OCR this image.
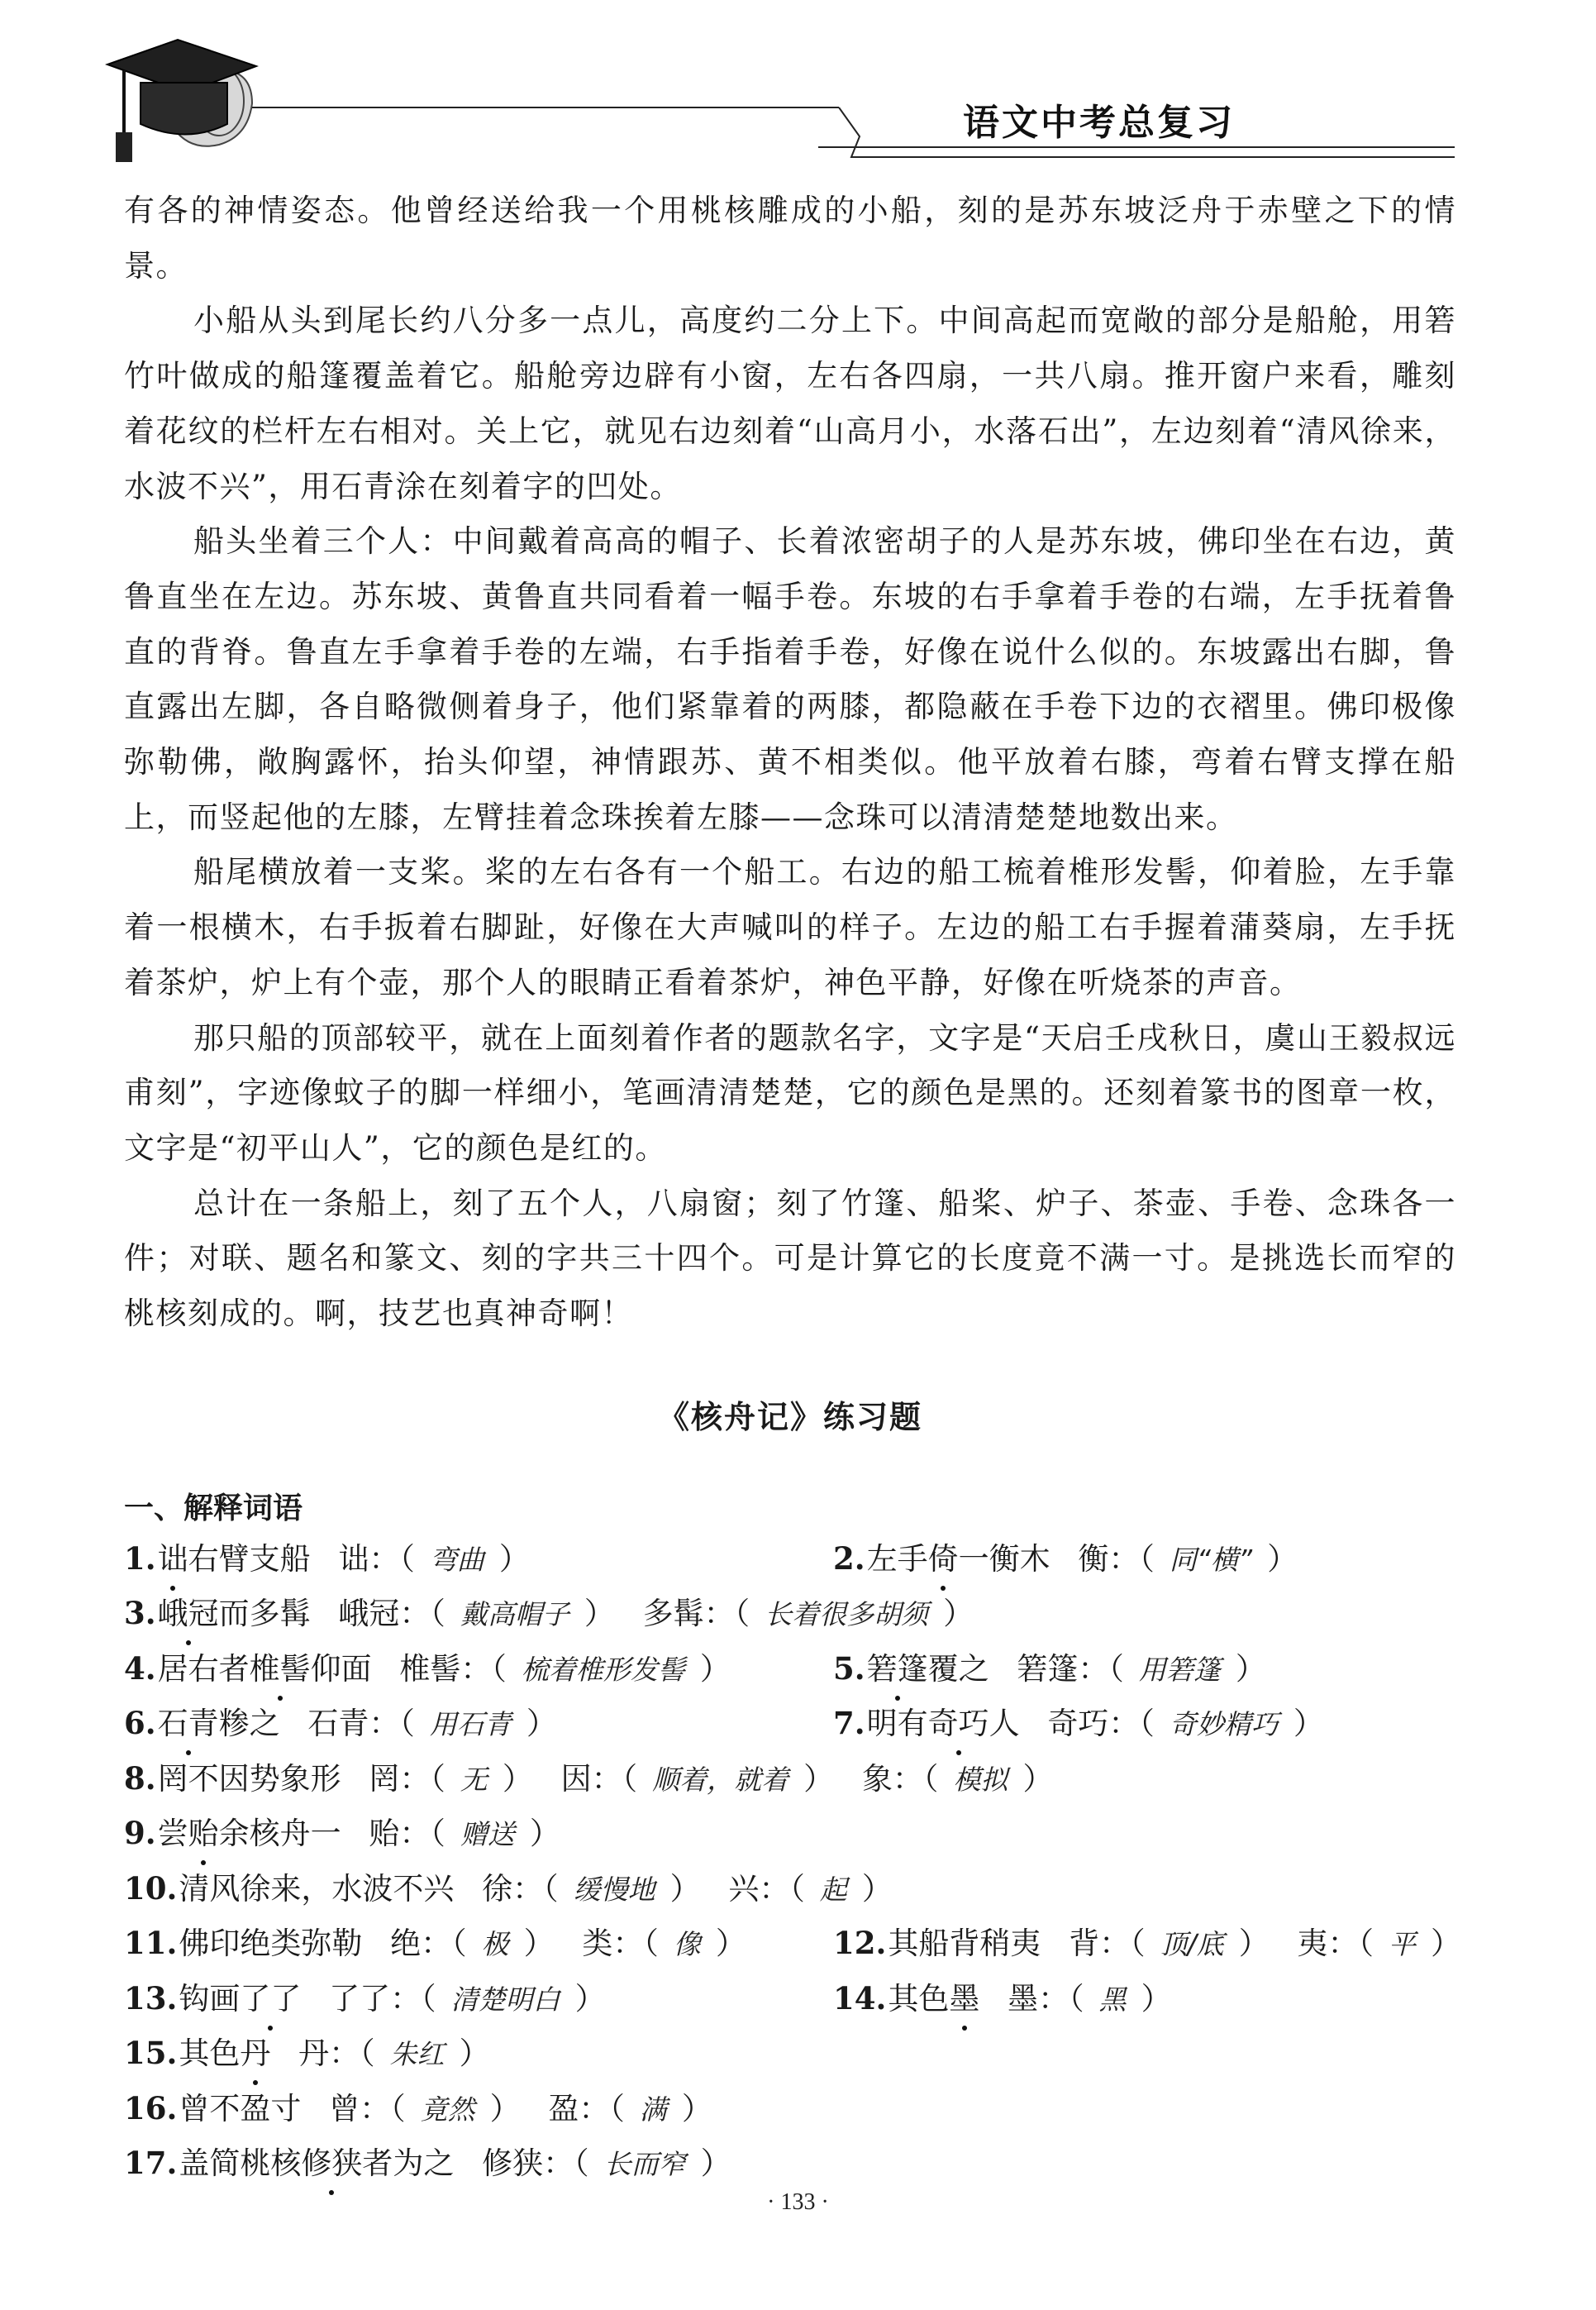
语文中考总复习

有各的神情姿态。他曾经送给我一个用桃核雕成的小船，刻的是苏东坡泛舟于赤壁之下的情景。

小船从头到尾长约八分多一点儿，高度约二分上下。中间高起而宽敞的部分是船舱，用箬竹叶做成的船篷覆盖着它。船舱旁边辟有小窗，左右各四扇，一共八扇。推开窗户来看，雕刻着花纹的栏杆左右相对。关上它，就见右边刻着“山高月小，水落石出”，左边刻着“清风徐来，水波不兴”，用石青涂在刻着字的凹处。

船头坐着三个人：中间戴着高高的帽子、长着浓密胡子的人是苏东坡，佛印坐在右边，黄鲁直坐在左边。苏东坡、黄鲁直共同看着一幅手卷。东坡的右手拿着手卷的右端，左手抚着鲁直的背脊。鲁直左手拿着手卷的左端，右手指着手卷，好像在说什么似的。东坡露出右脚，鲁直露出左脚，各自略微侧着身子，他们紧靠着的两膝，都隐蔽在手卷下边的衣褶里。佛印极像弥勒佛，敞胸露怀，抬头仰望，神情跟苏、黄不相类似。他平放着右膝，弯着右臂支撑在船上，而竖起他的左膝，左臂挂着念珠挨着左膝——念珠可以清清楚楚地数出来。

船尾横放着一支桨。桨的左右各有一个船工。右边的船工梳着椎形发髻，仰着脸，左手靠着一根横木，右手扳着右脚趾，好像在大声喊叫的样子。左边的船工右手握着蒲葵扇，左手抚着茶炉，炉上有个壶，那个人的眼睛正看着茶炉，神色平静，好像在听烧茶的声音。

那只船的顶部较平，就在上面刻着作者的题款名字，文字是“天启壬戌秋日，虞山王毅叔远甫刻”，字迹像蚊子的脚一样细小，笔画清清楚楚，它的颜色是黑的。还刻着篆书的图章一枚，文字是“初平山人”，它的颜色是红的。

总计在一条船上，刻了五个人，八扇窗；刻了竹篷、船桨、炉子、茶壶、手卷、念珠各一件；对联、题名和篆文、刻的字共三十四个。可是计算它的长度竟不满一寸。是挑选长而窄的桃核刻成的。啊，技艺也真神奇啊！

《核舟记》练习题
一、解释词语
1.诎右臂支船 诎：（ 弯曲 ）	2.左手倚一衡木 衡：（ 同“横” ）
3.峨冠而多髯 峨冠：（ 戴高帽子 ） 多髯：（ 长着很多胡须 ）
4.居右者椎髻仰面 椎髻：（ 梳着椎形发髻 ）	5.箬篷覆之 箬篷：（ 用箬篷 ）
6.石青糁之 石青：（ 用石青 ）	7.明有奇巧人 奇巧：（ 奇妙精巧 ）
8.罔不因势象形 罔：（ 无 ） 因：（ 顺着，就着 ） 象：（ 模拟 ）
9.尝贻余核舟一 贻：（ 赠送 ）
10.清风徐来，水波不兴 徐：（ 缓慢地 ） 兴：（ 起 ）
11.佛印绝类弥勒 绝：（ 极 ） 类：（ 像 ）	12.其船背稍夷 背：（ 顶/底 ） 夷：（ 平 ）
13.钩画了了 了了：（ 清楚明白 ）	14.其色墨 墨：（ 黑 ）
15.其色丹 丹：（ 朱红 ）
16.曾不盈寸 曾：（ 竟然 ） 盈：（ 满 ）
17.盖简桃核修狭者为之 修狭：（ 长而窄 ）
· 133 ·
